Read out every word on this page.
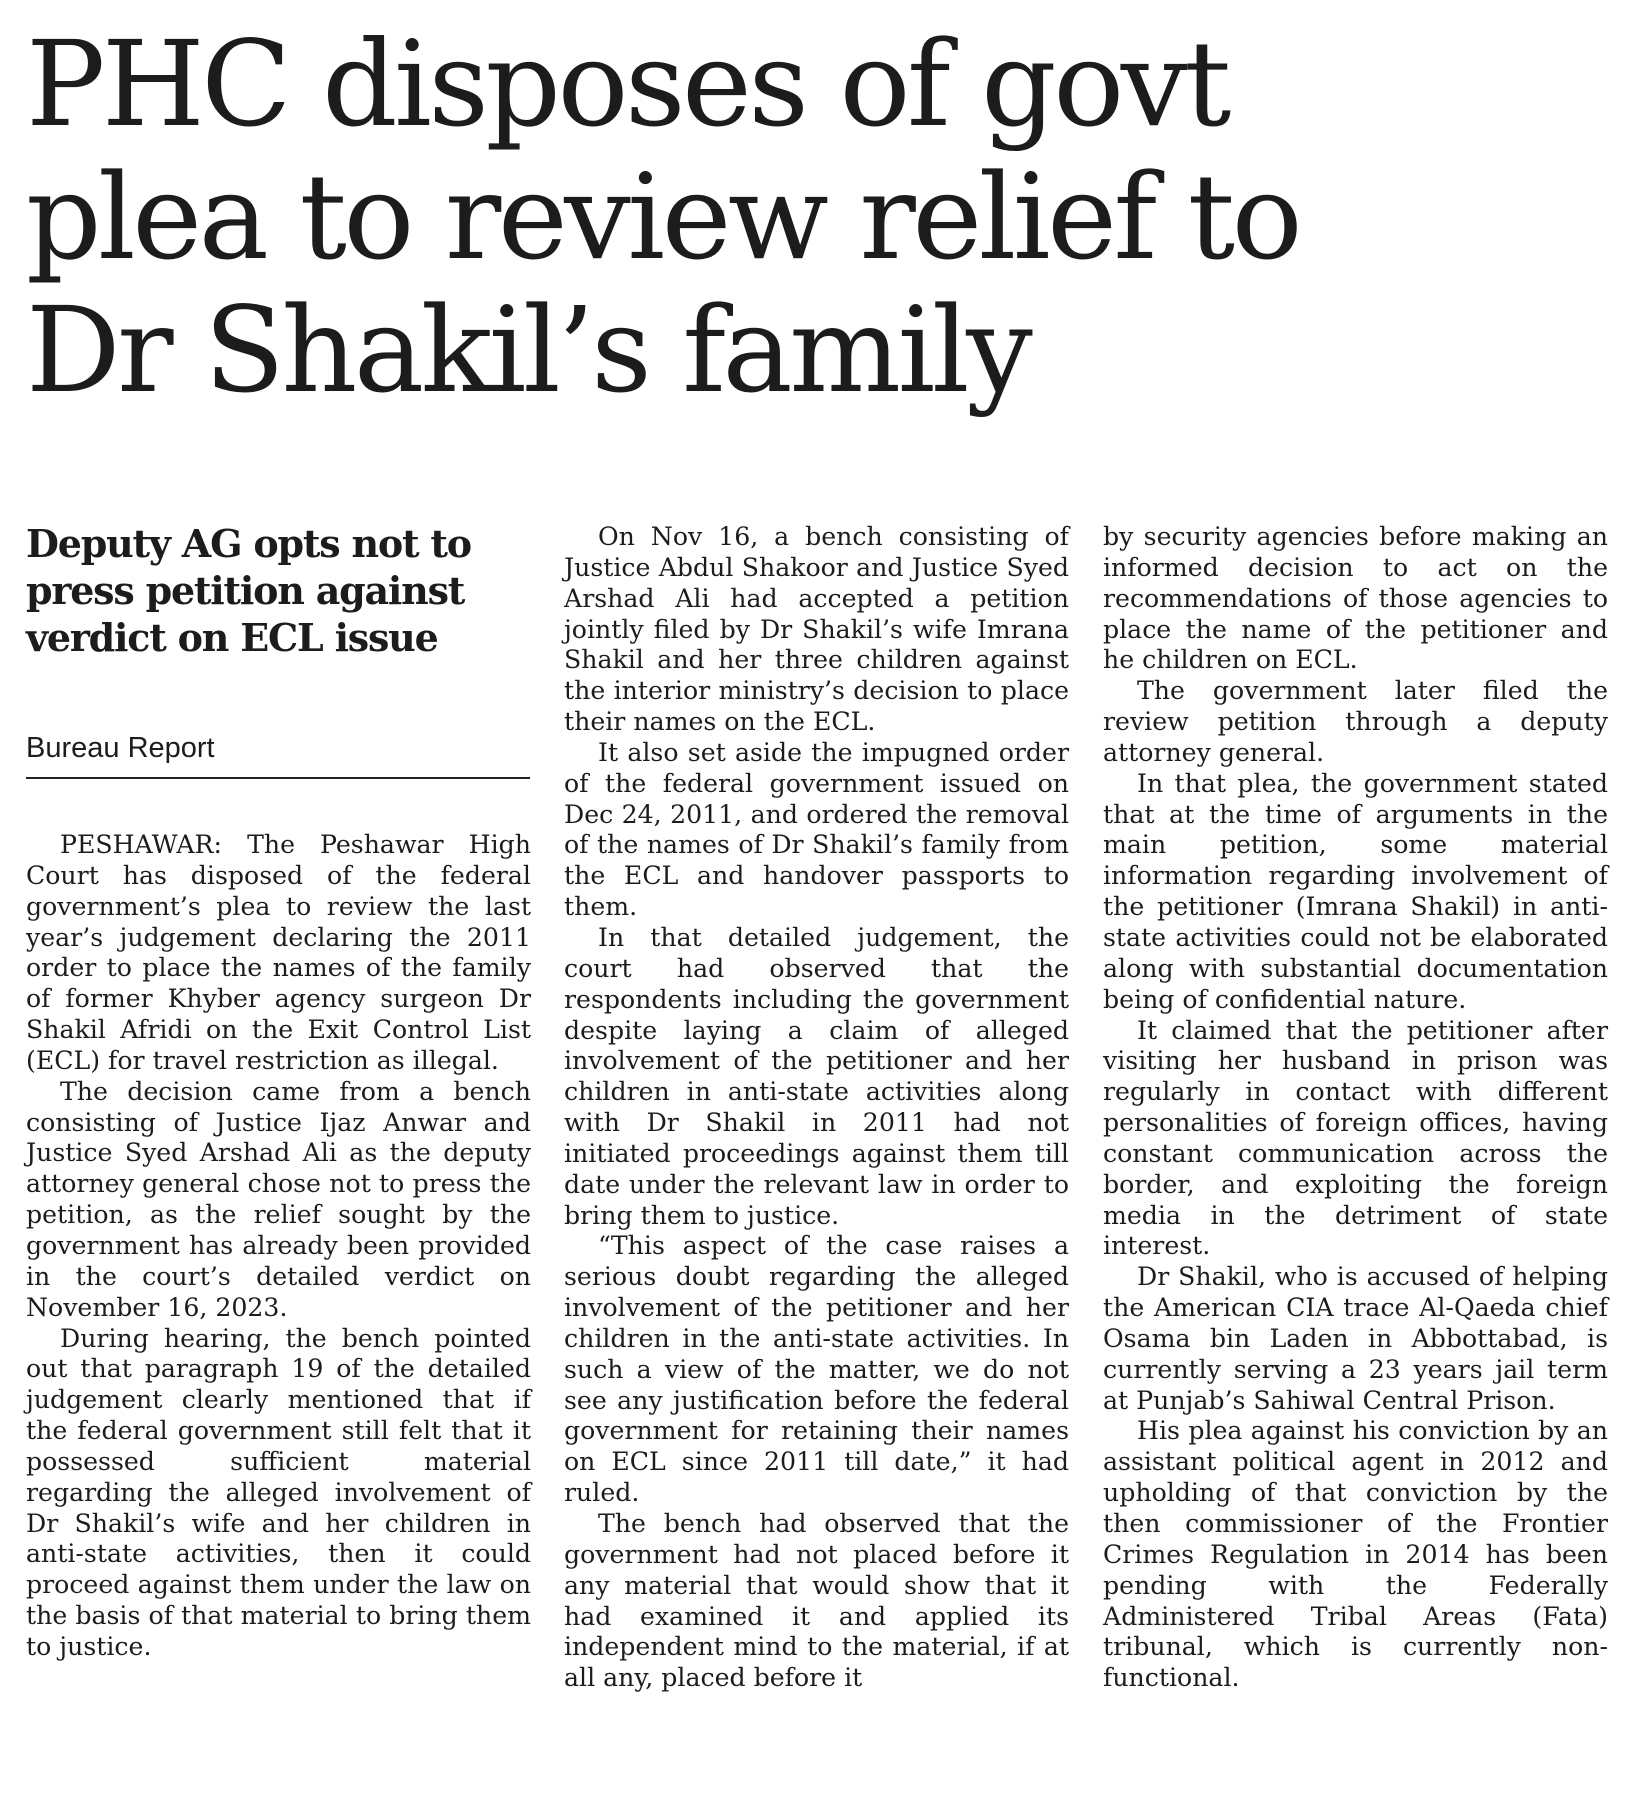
PHC disposes of govt
plea to review relief to
Dr Shakil’s family
Deputy AG opts not to
press petition against
verdict on ECL issue
Bureau Report

PESHAWAR: The Peshawar High Court has disposed of the federal government’s plea to review the last year’s judgement declaring the 2011 order to place the names of the family of former Khyber agency surgeon Dr Shakil Afridi on the Exit Control List (ECL) for travel restriction as illegal.

The decision came from a bench consisting of Justice Ijaz Anwar and Justice Syed Arshad Ali as the deputy attorney general chose not to press the petition, as the relief sought by the government has already been provided in the court’s detailed verdict on November 16, 2023.

During hearing, the bench pointed out that paragraph 19 of the detailed judgement clearly mentioned that if the federal government still felt that it possessed sufficient material regarding the alleged involvement of Dr Shakil’s wife and her children in anti-state activities, then it could proceed against them under the law on the basis of that material to bring them to justice.

On Nov 16, a bench consisting of Justice Abdul Shakoor and Justice Syed Arshad Ali had accepted a petition jointly filed by Dr Shakil’s wife Imrana Shakil and her three children against the interior ministry’s decision to place their names on the ECL.

It also set aside the impugned order of the federal government issued on Dec 24, 2011, and ordered the removal of the names of Dr Shakil’s family from the ECL and handover passports to them.

In that detailed judgement, the court had observed that the respondents including the government despite laying a claim of alleged involvement of the petitioner and her children in anti-state activities along with Dr Shakil in 2011 had not initiated proceedings against them till date under the relevant law in order to bring them to justice.

“This aspect of the case raises a serious doubt regarding the alleged involvement of the petitioner and her children in the anti-state activities. In such a view of the matter, we do not see any justification before the federal government for retaining their names on ECL since 2011 till date,” it had ruled.

The bench had observed that the government had not placed before it any material that would show that it had examined it and applied its independent mind to the material, if at all any, placed before it

by security agencies before making an informed decision to act on the recommendations of those agencies to place the name of the petitioner and he children on ECL.

The government later filed the review petition through a deputy attorney general.

In that plea, the government stated that at the time of arguments in the main petition, some material information regarding involvement of the petitioner (Imrana Shakil) in anti-state activities could not be elaborated along with substantial documentation being of confidential nature.

It claimed that the petitioner after visiting her husband in prison was regularly in contact with different personalities of foreign offices, having constant communication across the border, and exploiting the foreign media in the detriment of state interest.

Dr Shakil, who is accused of helping the American CIA trace Al-Qaeda chief Osama bin Laden in Abbottabad, is currently serving a 23 years jail term at Punjab’s Sahiwal Central Prison.

His plea against his conviction by an assistant political agent in 2012 and upholding of that conviction by the then commissioner of the Frontier Crimes Regulation in 2014 has been pending with the Federally Administered Tribal Areas (Fata) tribunal, which is currently non-functional.
